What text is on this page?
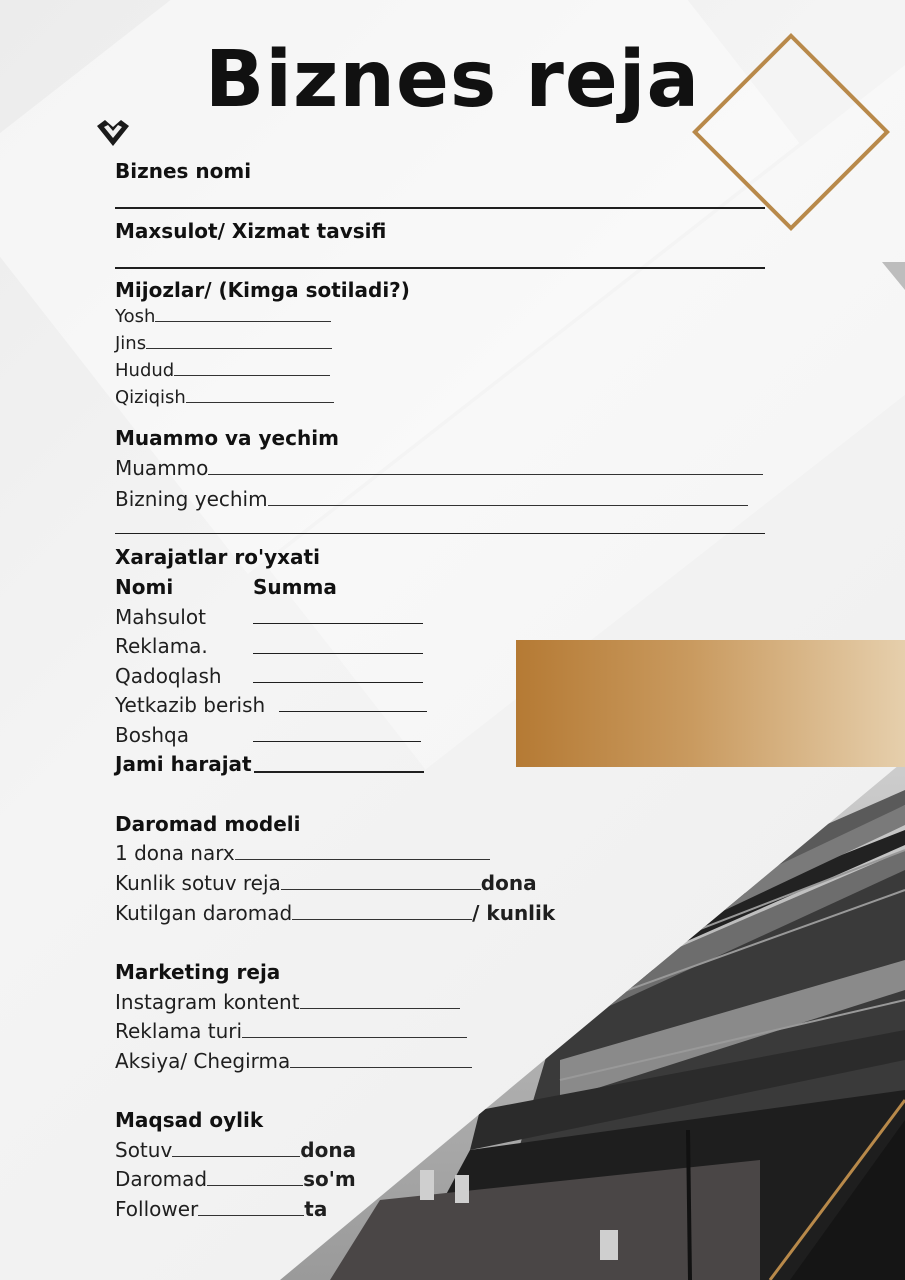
Biznes reja
Biznes nomi
Maxsulot/ Xizmat tavsifi
Mijozlar/ (Kimga sotiladi?)
Yosh
Jins
Hudud
Qiziqish
Muammo va yechim
Muammo
Bizning yechim
Xarajatlar ro'yxati
Nomi	Summa
Mahsulot
Reklama.
Qadoqlash
Yetkazib berish
Boshqa
Jami harajat
Daromad modeli
1 dona narx
Kunlik sotuv reja	dona
Kutilgan daromad	/ kunlik
Marketing reja
Instagram kontent
Reklama turi
Aksiya/ Chegirma
Maqsad oylik
Sotuv	dona
Daromad	so'm
Follower	ta
